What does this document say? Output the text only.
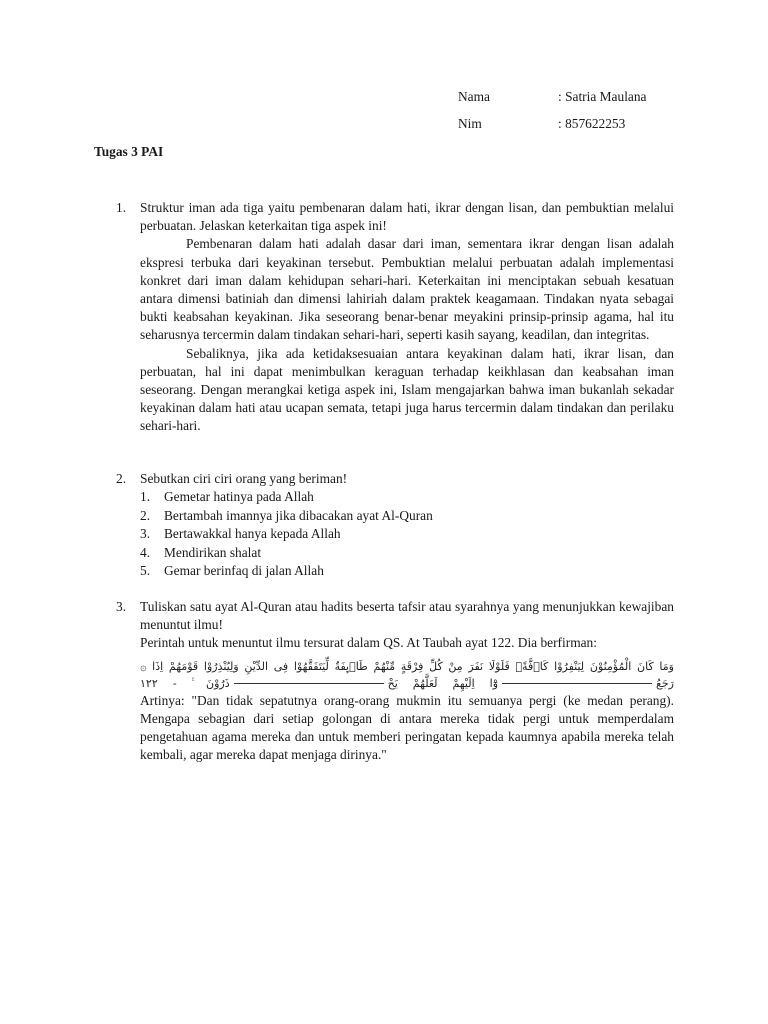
Nama	: Satria Maulana
Nim	: 857622253
Tugas 3 PAI
1.	Struktur iman ada tiga yaitu pembenaran dalam hati, ikrar dengan lisan, dan pembuktian melalui perbuatan. Jelaskan keterkaitan tiga aspek ini!

Pembenaran dalam hati adalah dasar dari iman, sementara ikrar dengan lisan adalah ekspresi terbuka dari keyakinan tersebut. Pembuktian melalui perbuatan adalah implementasi konkret dari iman dalam kehidupan sehari-hari. Keterkaitan ini menciptakan sebuah kesatuan antara dimensi batiniah dan dimensi lahiriah dalam praktek keagamaan. Tindakan nyata sebagai bukti keabsahan keyakinan. Jika seseorang benar-benar meyakini prinsip-prinsip agama, hal itu seharusnya tercermin dalam tindakan sehari-hari, seperti kasih sayang, keadilan, dan integritas.

Sebaliknya, jika ada ketidaksesuaian antara keyakinan dalam hati, ikrar lisan, dan perbuatan, hal ini dapat menimbulkan keraguan terhadap keikhlasan dan keabsahan iman seseorang. Dengan merangkai ketiga aspek ini, Islam mengajarkan bahwa iman bukanlah sekadar keyakinan dalam hati atau ucapan semata, tetapi juga harus tercermin dalam tindakan dan perilaku sehari-hari.

2.	Sebutkan ciri ciri orang yang beriman!

1.	Gemetar hatinya pada Allah
2.	Bertambah imannya jika dibacakan ayat Al-Quran
3.	Bertawakkal hanya kepada Allah
4.	Mendirikan shalat
5.	Gemar berinfaq di jalan Allah
3.	Tuliskan satu ayat Al-Quran atau hadits beserta tafsir atau syarahnya yang menunjukkan kewajiban menuntut ilmu!

Perintah untuk menuntut ilmu tersurat dalam QS. At Taubah ayat 122. Dia berfirman:

وَمَا كَانَ الْمُؤْمِنُوْنَ لِيَنْفِرُوْا كَاۤفَّةًۗ فَلَوْلَا نَفَرَ مِنْ كُلِّ فِرْقَةٍ مِّنْهُمْ طَاۤىِٕفَةٌ لِّيَتَفَقَّهُوْا فِى الدِّيْنِ وَلِيُنْذِرُوْا قَوْمَهُمْ اِذَا ۞
رَجَعُوْٓا اِلَيْهِمْ لَعَلَّهُمْ يَحْذَرُوْنَ ࣖ - ١٢٢

Artinya: "Dan tidak sepatutnya orang-orang mukmin itu semuanya pergi (ke medan perang). Mengapa sebagian dari setiap golongan di antara mereka tidak pergi untuk memperdalam pengetahuan agama mereka dan untuk memberi peringatan kepada kaumnya apabila mereka telah kembali, agar mereka dapat menjaga dirinya."
